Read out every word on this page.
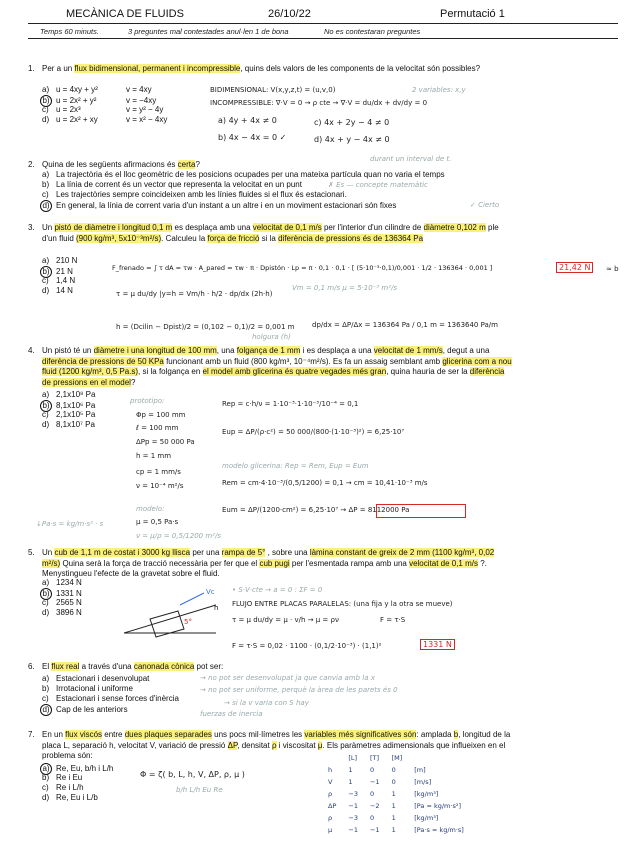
MECÀNICA DE FLUIDS	26/10/22	Permutació 1
Temps 60 minuts.	3 preguntes mal contestades anul·len 1 de bona	No es contestaran preguntes
1. Per a un flux bidimensional, permanent i incompressible, quins dels valors de les components de la velocitat són possibles?
a) u = 4xy + y²	v = 4xy
b) u = 2x² + y²	v = −4xy
c) u = 2x³	v = y² − 4y
d) u = 2x² + xy	v = x² − 4xy
BIDIMENSIONAL: V(x,y,z,t) = (u,v,0)	2 variables: x,y
INCOMPRESSIBLE: ∇·V = 0 → ρ cte → ∇·V = du/dx + dv/dy = 0
a) 4y + 4x ≠ 0	c) 4x + 2y − 4 ≠ 0
b) 4x − 4x = 0 ✓	d) 4x + y − 4x ≠ 0
durant un interval de t.
2. Quina de les següents afirmacions és certa?
a) La trajectòria és el lloc geomètric de les posicions ocupades per una mateixa partícula quan no varia el temps
b) La línia de corrent és un vector que representa la velocitat en un punt
c) Les trajectòries sempre coincideixen amb les línies fluides si el flux és estacionari.
d) En general, la línia de corrent varia d'un instant a un altre i en un moviment estacionari són fixes
✗ Es — concepte matemàtic
✓ Cierto
3. Un pistó de diàmetre i longitud 0,1 m es desplaça amb una velocitat de 0,1 m/s per l'interior d'un cilindre de diàmetre 0,102 m ple d'un fluid (900 kg/m³, 5x10⁻³m²/s). Calculeu la força de fricció si la diferència de pressions és de 136364 Pa
a) 210 N
b) 21 N
c) 1,4 N
d) 14 N
F_frenado = ∫ τ dA = τw · A_pared = τw · π · Dpistón · Lp = π · 0,1 · 0,1 · [ (5·10⁻³·0,1)/0,001 · 1/2 · 136364 · 0,001 ]	21,42 N	≈ b
τ = μ du/dy |y=h = Vm/h · h/2 · dp/dx (2h·h)
Vm = 0,1 m/s μ = 5·10⁻³ m²/s
h = (Dcilin − Dpist)/2 = (0,102 − 0,1)/2 = 0,001 m	dp/dx = ΔP/Δx = 136364 Pa / 0,1 m = 1363640 Pa/m
holgura (h)
4. Un pistó té un diàmetre i una longitud de 100 mm, una folgança de 1 mm i es desplaça a una velocitat de 1 mm/s, degut a una diferència de pressions de 50 KPa funcionant amb un fluid (800 kg/m³, 10⁻⁴m²/s). Es fa un assaig semblant amb glicerina com a nou fluid (1200 kg/m³, 0,5 Pa.s), si la folgança en el model amb glicerina és quatre vegades més gran, quina hauria de ser la diferència de pressions en el model?
a) 2,1x10⁸ Pa
b) 8,1x10⁶ Pa
c) 2,1x10⁵ Pa
d) 8,1x10⁷ Pa
prototipo:
Φp = 100 mm
ℓ = 100 mm
ΔPp = 50 000 Pa
h = 1 mm
cp = 1 mm/s
ν = 10⁻⁴ m²/s
modelo:
μ = 0,5 Pa·s
ν = μ/ρ = 0,5/1200 m²/s
↓Pa·s = kg/m·s² · s
Rep = c·h/ν = 1·10⁻³·1·10⁻³/10⁻⁴ = 0,1
Eup = ΔP/(ρ·c²) = 50 000/(800·(1·10⁻³)²) = 6,25·10⁷
modelo glicerina: Rep = Rem, Eup = Eum
Rem = cm·4·10⁻³/(0,5/1200) = 0,1 → cm = 10,41·10⁻³ m/s
Eum = ΔP/(1200·cm²) = 6,25·10⁷ → ΔP = 8112000 Pa
5. Un cub de 1,1 m de costat i 3000 kg llisca per una rampa de 5° , sobre una làmina constant de greix de 2 mm (1100 kg/m³, 0,02 m²/s) Quina serà la força de tracció necessària per fer que el cub pugi per l'esmentada rampa amb una velocitat de 0,1 m/s ?. Menystingueu l'efecte de la gravetat sobre el fluid.
a) 1234 N
b) 1331 N
c) 2565 N
d) 3896 N
Vc
5°
h
• S·V·cte → a = 0 : ΣF = 0
FLUJO ENTRE PLACAS PARALELAS: (una fija y la otra se mueve)
τ = μ du/dy = μ · v/h → μ = ρν	F = τ·S
F = τ·S = 0,02 · 1100 · (0,1/2·10⁻³) · (1,1)²	1331 N
6. El flux real a través d'una canonada cònica pot ser:
a) Estacionari i desenvolupat
b) Irrotacional i uniforme
c) Estacionari i sense forces d'inèrcia
d) Cap de les anteriors
→ no pot ser desenvolupat ja que canvia amb la x
→ no pot ser uniforme, perquè la àrea de les parets és 0
→ si la v varia con S hay
fuerzas de inercia
7. En un flux viscós entre dues plaques separades uns pocs mil·límetres les variables més significatives són: amplada b, longitud de la placa L, separació h, velocitat V, variació de pressió ΔP, densitat ρ i viscositat μ. Els paràmetres adimensionals que influeixen en el problema són:
a) Re, Eu, b/h i L/h
b) Re i Eu
c) Re i L/h
d) Re, Eu i L/b
Φ = ζ( b, L, h, V, ΔP, ρ, μ )
b/h L/h Eu Re
	[L]	[T]	[M]	
h	1	0	0	[m]
V	1	−1	0	[m/s]
ρ	−3	0	1	[kg/m³]
ΔP	−1	−2	1	[Pa = kg/m·s²]
ρ	−3	0	1	[kg/m³]
μ	−1	−1	1	[Pa·s = kg/m·s]
